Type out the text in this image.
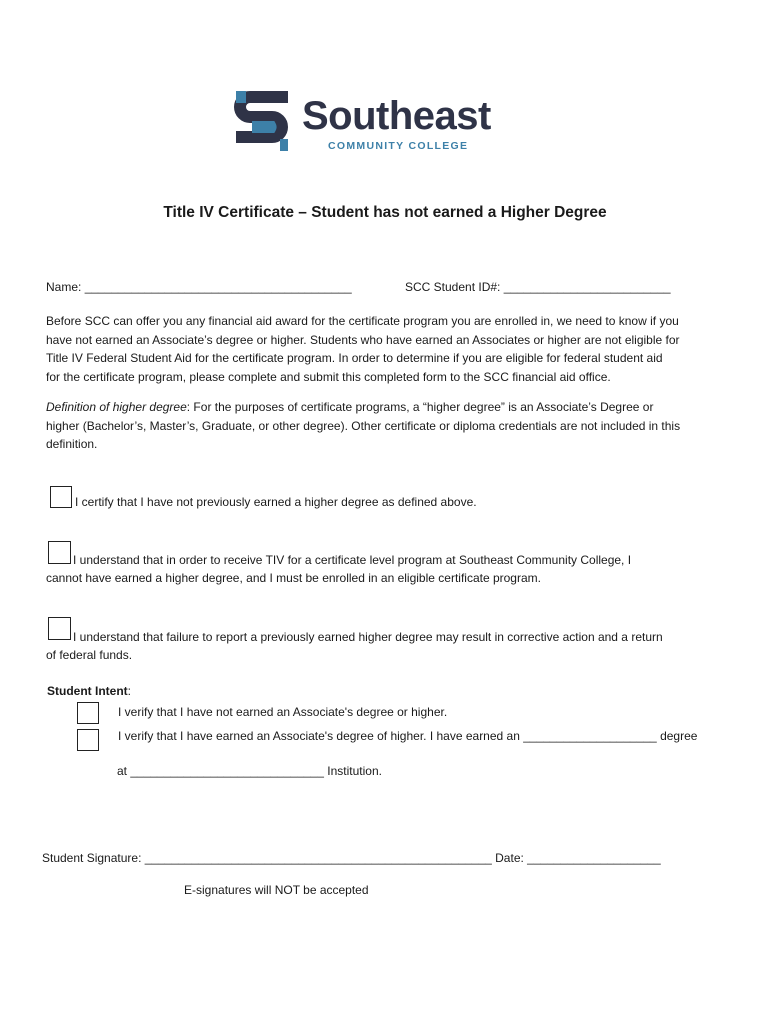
Southeast
COMMUNITY COLLEGE
Title IV Certificate – Student has not earned a Higher Degree
Name: ________________________________________	SCC Student ID#: _________________________

Before SCC can offer you any financial aid award for the certificate program you are enrolled in, we need to know if you

have not earned an Associate’s degree or higher. Students who have earned an Associates or higher are not eligible for

Title IV Federal Student Aid for the certificate program. In order to determine if you are eligible for federal student aid

for the certificate program, please complete and submit this completed form to the SCC financial aid office.

Definition of higher degree: For the purposes of certificate programs, a “higher degree” is an Associate’s Degree or

higher (Bachelor’s, Master’s, Graduate, or other degree). Other certificate or diploma credentials are not included in this

definition.

I certify that I have not previously earned a higher degree as defined above.
I understand that in order to receive TIV for a certificate level program at Southeast Community College, I
cannot have earned a higher degree, and I must be enrolled in an eligible certificate program.
I understand that failure to report a previously earned higher degree may result in corrective action and a return
of federal funds.
Student Intent:
I verify that I have not earned an Associate's degree or higher.
I verify that I have earned an Associate's degree of higher. I have earned an ____________________ degree
at _____________________________ Institution.
Student Signature: ____________________________________________________ Date: ____________________
E-signatures will NOT be accepted
